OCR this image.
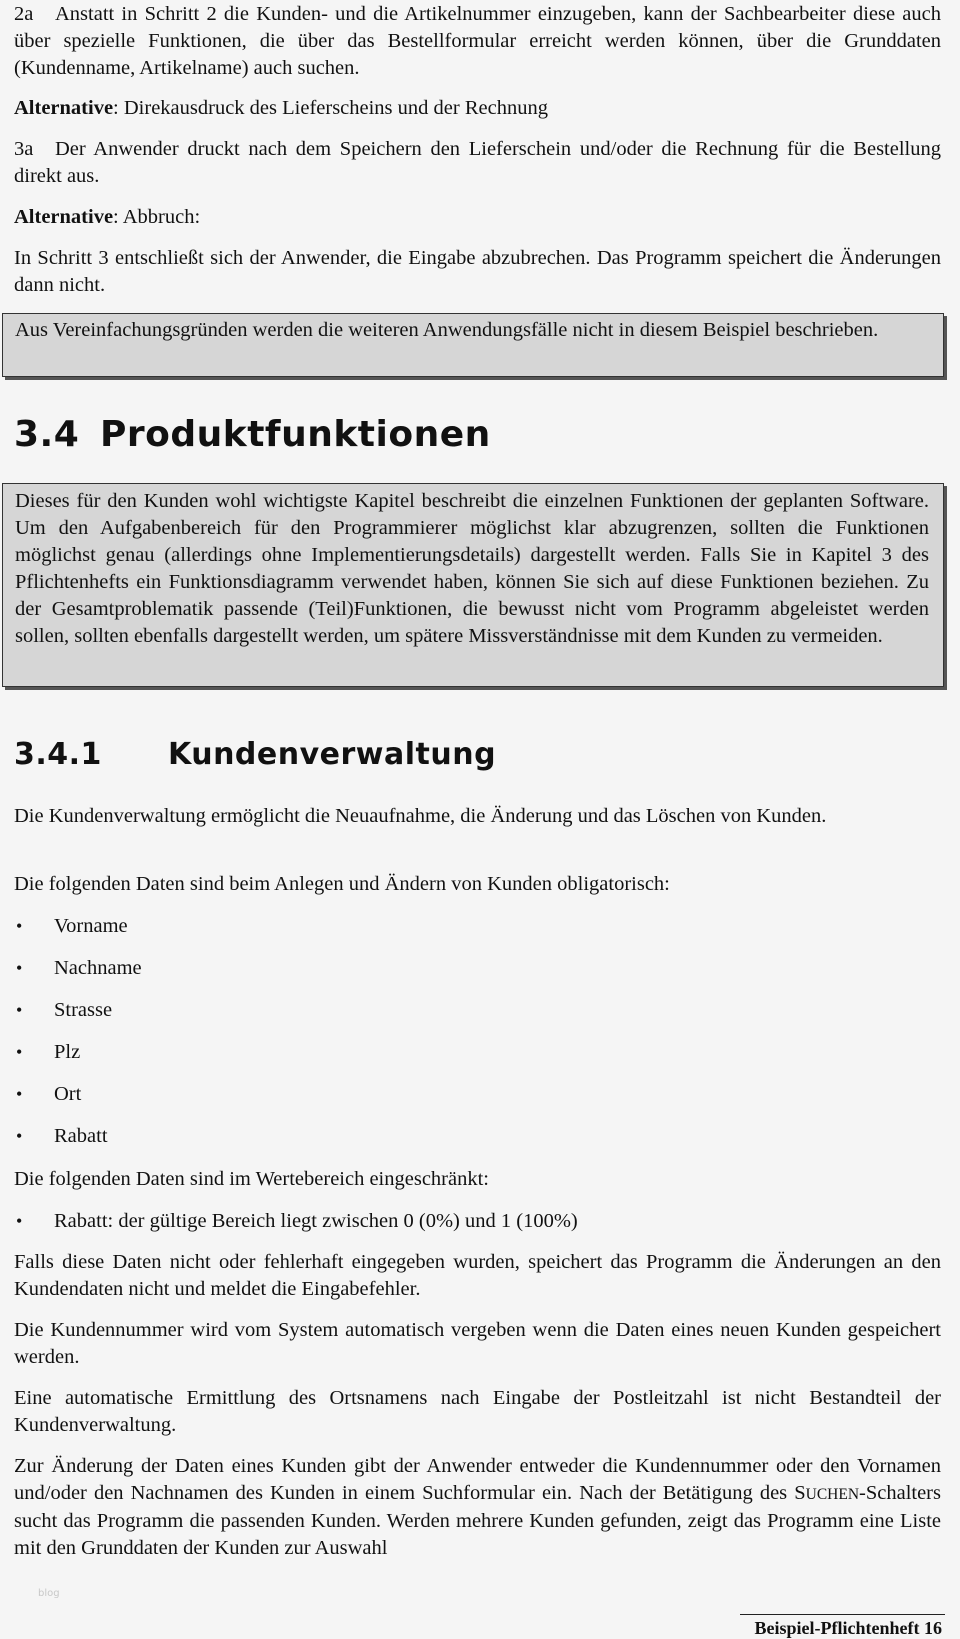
2a Anstatt in Schritt 2 die Kunden- und die Artikelnummer einzugeben, kann der Sachbearbeiter diese auch über spezielle Funktionen, die über das Bestellformular erreicht werden können, über die Grunddaten (Kundenname, Artikelname) auch suchen.

Alternative: Direkausdruck des Lieferscheins und der Rechnung

3a Der Anwender druckt nach dem Speichern den Lieferschein und/oder die Rechnung für die Bestellung direkt aus.

Alternative: Abbruch:

In Schritt 3 entschließt sich der Anwender, die Eingabe abzubrechen. Das Programm speichert die Änderungen dann nicht.

Aus Vereinfachungsgründen werden die weiteren Anwendungsfälle nicht in diesem Beispiel beschrieben.

3.4 Produktfunktionen

Dieses für den Kunden wohl wichtigste Kapitel beschreibt die einzelnen Funktionen der geplanten Software. Um den Aufgabenbereich für den Programmierer möglichst klar abzugrenzen, sollten die Funktionen möglichst genau (allerdings ohne Implementierungsdetails) dargestellt werden. Falls Sie in Kapitel 3 des Pflichtenhefts ein Funktionsdiagramm verwendet haben, können Sie sich auf diese Funktionen beziehen. Zu der Gesamtproblematik passende (Teil)Funktionen, die bewusst nicht vom Programm abgeleistet werden sollen, sollten ebenfalls dargestellt werden, um spätere Missverständnisse mit dem Kunden zu vermeiden.

3.4.1 Kundenverwaltung

Die Kundenverwaltung ermöglicht die Neuaufnahme, die Änderung und das Löschen von Kunden.

Die folgenden Daten sind beim Anlegen und Ändern von Kunden obligatorisch:

• Vorname
• Nachname
• Strasse
• Plz
• Ort
• Rabatt

Die folgenden Daten sind im Wertebereich eingeschränkt:

• Rabatt: der gültige Bereich liegt zwischen 0 (0%) und 1 (100%)

Falls diese Daten nicht oder fehlerhaft eingegeben wurden, speichert das Programm die Änderungen an den Kundendaten nicht und meldet die Eingabefehler.

Die Kundennummer wird vom System automatisch vergeben wenn die Daten eines neuen Kunden gespeichert werden.

Eine automatische Ermittlung des Ortsnamens nach Eingabe der Postleitzahl ist nicht Bestandteil der Kundenverwaltung.

Zur Änderung der Daten eines Kunden gibt der Anwender entweder die Kundennummer oder den Vornamen und/oder den Nachnamen des Kunden in einem Suchformular ein. Nach der Betätigung des SUCHEN-Schalters sucht das Programm die passenden Kunden. Werden mehrere Kunden gefunden, zeigt das Programm eine Liste mit den Grunddaten der Kunden zur Auswahl

blog
Beispiel-Pflichtenheft 16
